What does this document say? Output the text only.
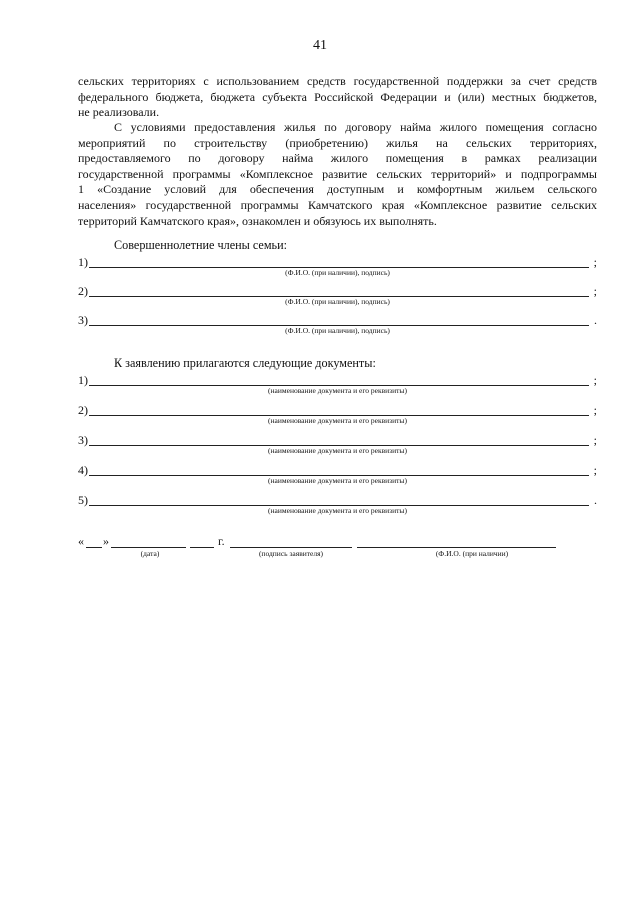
41
сельских территориях с использованием средств государственной поддержки за счет средств
федерального бюджета, бюджета субъекта Российской Федерации и (или) местных бюджетов,
не реализовали.
С условиями предоставления жилья по договору найма жилого помещения согласно
мероприятий по строительству (приобретению) жилья на сельских территориях,
предоставляемого по договору найма жилого помещения в рамках реализации
государственной программы «Комплексное развитие сельских территорий» и подпрограммы
1 «Создание условий для обеспечения доступным и комфортным жильем сельского
населения» государственной программы Камчатского края «Комплексное развитие сельских
территорий Камчатского края», ознакомлен и обязуюсь их выполнять.
Совершеннолетние члены семьи:
1)	;
(Ф.И.О. (при наличии), подпись)
2)	;
(Ф.И.О. (при наличии), подпись)
3)	.
(Ф.И.О. (при наличии), подпись)
К заявлению прилагаются следующие документы:
1)	;
(наименование документа и его реквизиты)
2)	;
(наименование документа и его реквизиты)
3)	;
(наименование документа и его реквизиты)
4)	;
(наименование документа и его реквизиты)
5)	.
(наименование документа и его реквизиты)
« »	г.
(дата)	(подпись заявителя)	(Ф.И.О. (при наличии)
